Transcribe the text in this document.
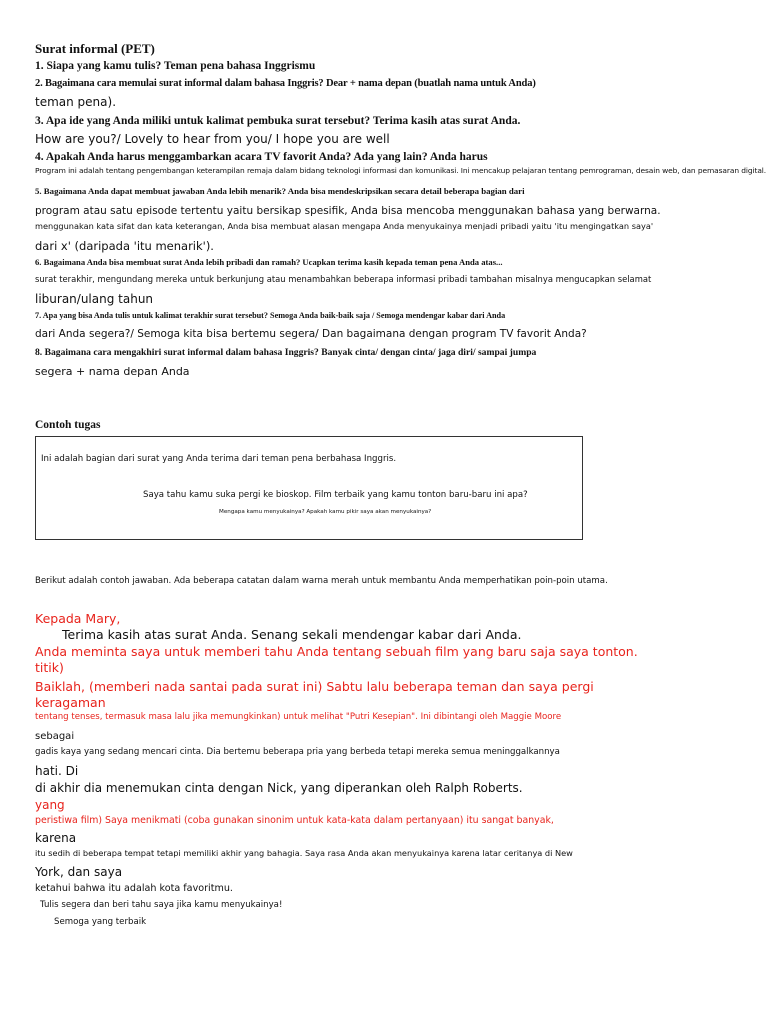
Surat informal (PET)
1. Siapa yang kamu tulis? Teman pena bahasa Inggrismu
2. Bagaimana cara memulai surat informal dalam bahasa Inggris? Dear + nama depan (buatlah nama untuk Anda)
teman pena).
3. Apa ide yang Anda miliki untuk kalimat pembuka surat tersebut? Terima kasih atas surat Anda.
How are you?/ Lovely to hear from you/ I hope you are well
4. Apakah Anda harus menggambarkan acara TV favorit Anda? Ada yang lain? Anda harus
Program ini adalah tentang pengembangan keterampilan remaja dalam bidang teknologi informasi dan komunikasi. Ini mencakup pelajaran tentang pemrograman, desain web, dan pemasaran digital.
5. Bagaimana Anda dapat membuat jawaban Anda lebih menarik? Anda bisa mendeskripsikan secara detail beberapa bagian dari
program atau satu episode tertentu yaitu bersikap spesifik, Anda bisa mencoba menggunakan bahasa yang berwarna.
menggunakan kata sifat dan kata keterangan, Anda bisa membuat alasan mengapa Anda menyukainya menjadi pribadi yaitu 'itu mengingatkan saya'
dari x' (daripada 'itu menarik').
6. Bagaimana Anda bisa membuat surat Anda lebih pribadi dan ramah? Ucapkan terima kasih kepada teman pena Anda atas...
surat terakhir, mengundang mereka untuk berkunjung atau menambahkan beberapa informasi pribadi tambahan misalnya mengucapkan selamat
liburan/ulang tahun
7. Apa yang bisa Anda tulis untuk kalimat terakhir surat tersebut? Semoga Anda baik-baik saja / Semoga mendengar kabar dari Anda
dari Anda segera?/ Semoga kita bisa bertemu segera/ Dan bagaimana dengan program TV favorit Anda?
8. Bagaimana cara mengakhiri surat informal dalam bahasa Inggris? Banyak cinta/ dengan cinta/ jaga diri/ sampai jumpa
segera + nama depan Anda
Contoh tugas
Ini adalah bagian dari surat yang Anda terima dari teman pena berbahasa Inggris.
Saya tahu kamu suka pergi ke bioskop. Film terbaik yang kamu tonton baru-baru ini apa?
Mengapa kamu menyukainya? Apakah kamu pikir saya akan menyukainya?
Berikut adalah contoh jawaban. Ada beberapa catatan dalam warna merah untuk membantu Anda memperhatikan poin-poin utama.
Kepada Mary,
Terima kasih atas surat Anda. Senang sekali mendengar kabar dari Anda.
Anda meminta saya untuk memberi tahu Anda tentang sebuah film yang baru saja saya tonton.
titik)
Baiklah, (memberi nada santai pada surat ini) Sabtu lalu beberapa teman dan saya pergi
keragaman
tentang tenses, termasuk masa lalu jika memungkinkan) untuk melihat "Putri Kesepian". Ini dibintangi oleh Maggie Moore
sebagai
gadis kaya yang sedang mencari cinta. Dia bertemu beberapa pria yang berbeda tetapi mereka semua meninggalkannya
hati. Di
di akhir dia menemukan cinta dengan Nick, yang diperankan oleh Ralph Roberts.
yang
peristiwa film) Saya menikmati (coba gunakan sinonim untuk kata-kata dalam pertanyaan) itu sangat banyak,
karena
itu sedih di beberapa tempat tetapi memiliki akhir yang bahagia. Saya rasa Anda akan menyukainya karena latar ceritanya di New
York, dan saya
ketahui bahwa itu adalah kota favoritmu.
Tulis segera dan beri tahu saya jika kamu menyukainya!
Semoga yang terbaik
